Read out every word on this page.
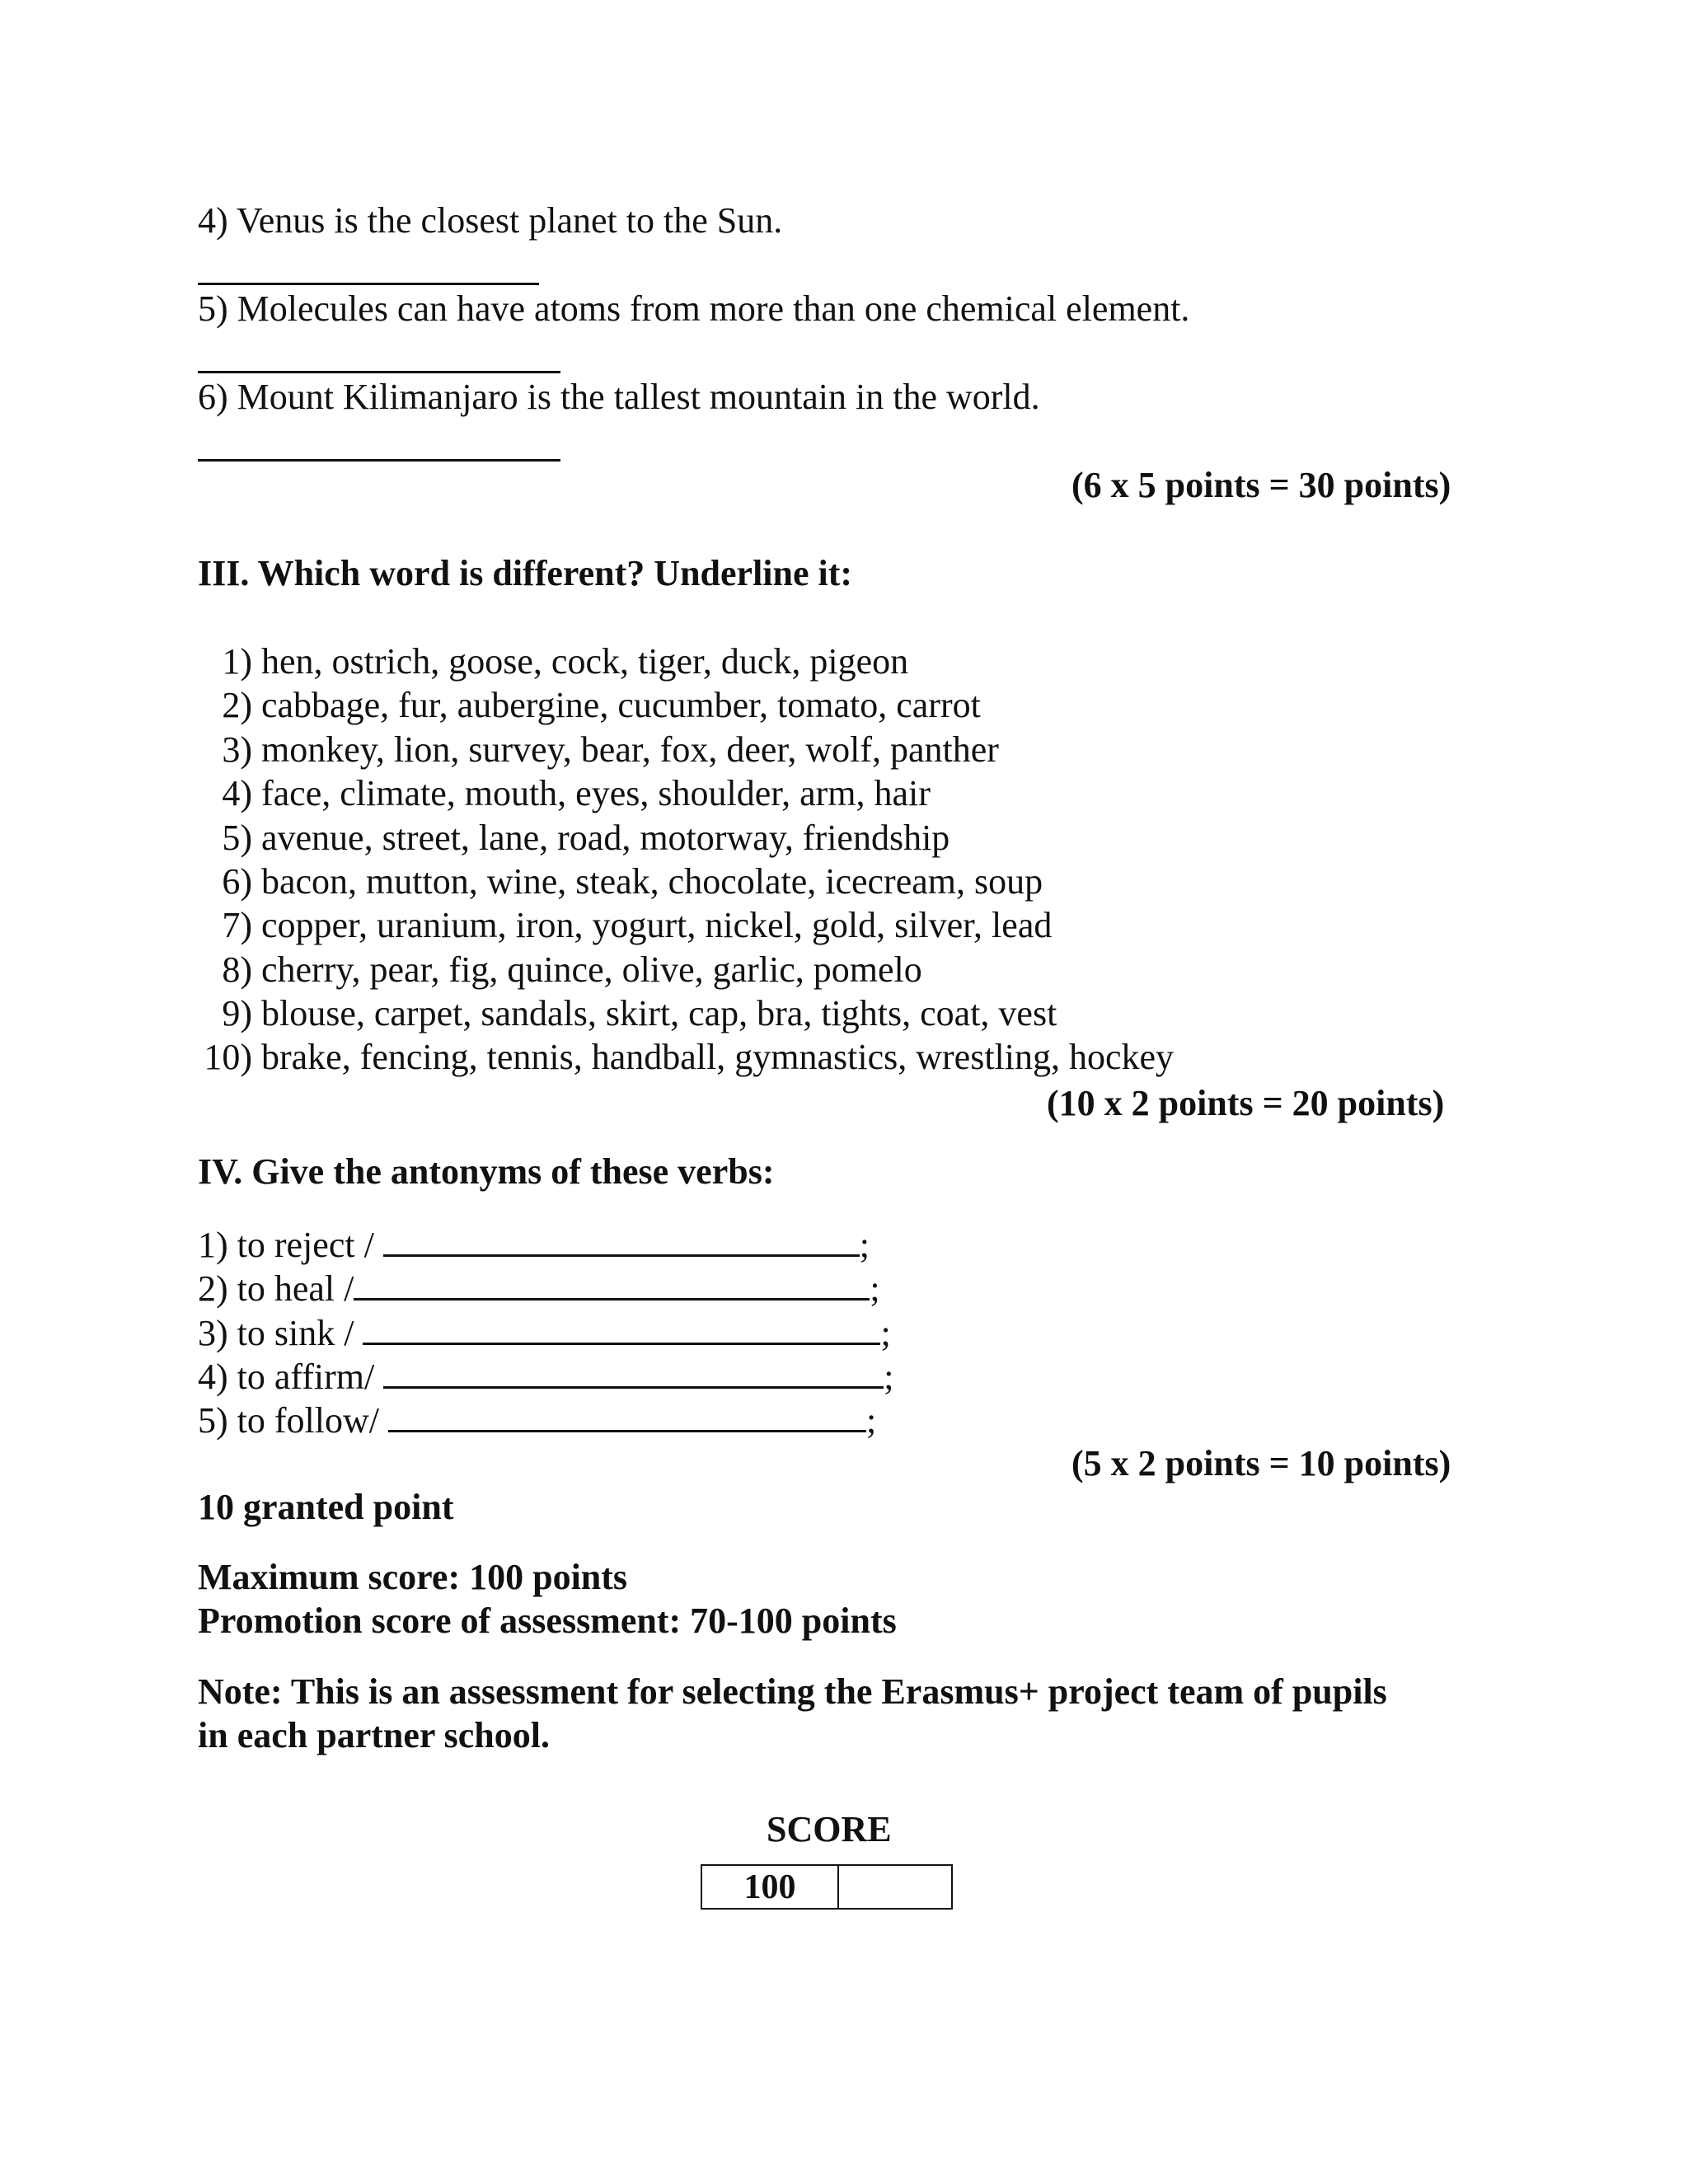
4) Venus is the closest planet to the Sun.
5) Molecules can have atoms from more than one chemical element.
6) Mount Kilimanjaro is the tallest mountain in the world.
(6 x 5 points = 30 points)
III. Which word is different? Underline it:
1) hen, ostrich, goose, cock, tiger, duck, pigeon
2) cabbage, fur, aubergine, cucumber, tomato, carrot
3) monkey, lion, survey, bear, fox, deer, wolf, panther
4) face, climate, mouth, eyes, shoulder, arm, hair
5) avenue, street, lane, road, motorway, friendship
6) bacon, mutton, wine, steak, chocolate, icecream, soup
7) copper, uranium, iron, yogurt, nickel, gold, silver, lead
8) cherry, pear, fig, quince, olive, garlic, pomelo
9) blouse, carpet, sandals, skirt, cap, bra, tights, coat, vest
10) brake, fencing, tennis, handball, gymnastics, wrestling, hockey
(10 x 2 points = 20 points)
IV. Give the antonyms of these verbs:
1) to reject /	;
2) to heal /	;
3) to sink /	;
4) to affirm/	;
5) to follow/	;
(5 x 2 points = 10 points)
10 granted point
Maximum score: 100 points
Promotion score of assessment: 70-100 points
Note: This is an assessment for selecting the Erasmus+ project team of pupils
in each partner school.
SCORE
100
